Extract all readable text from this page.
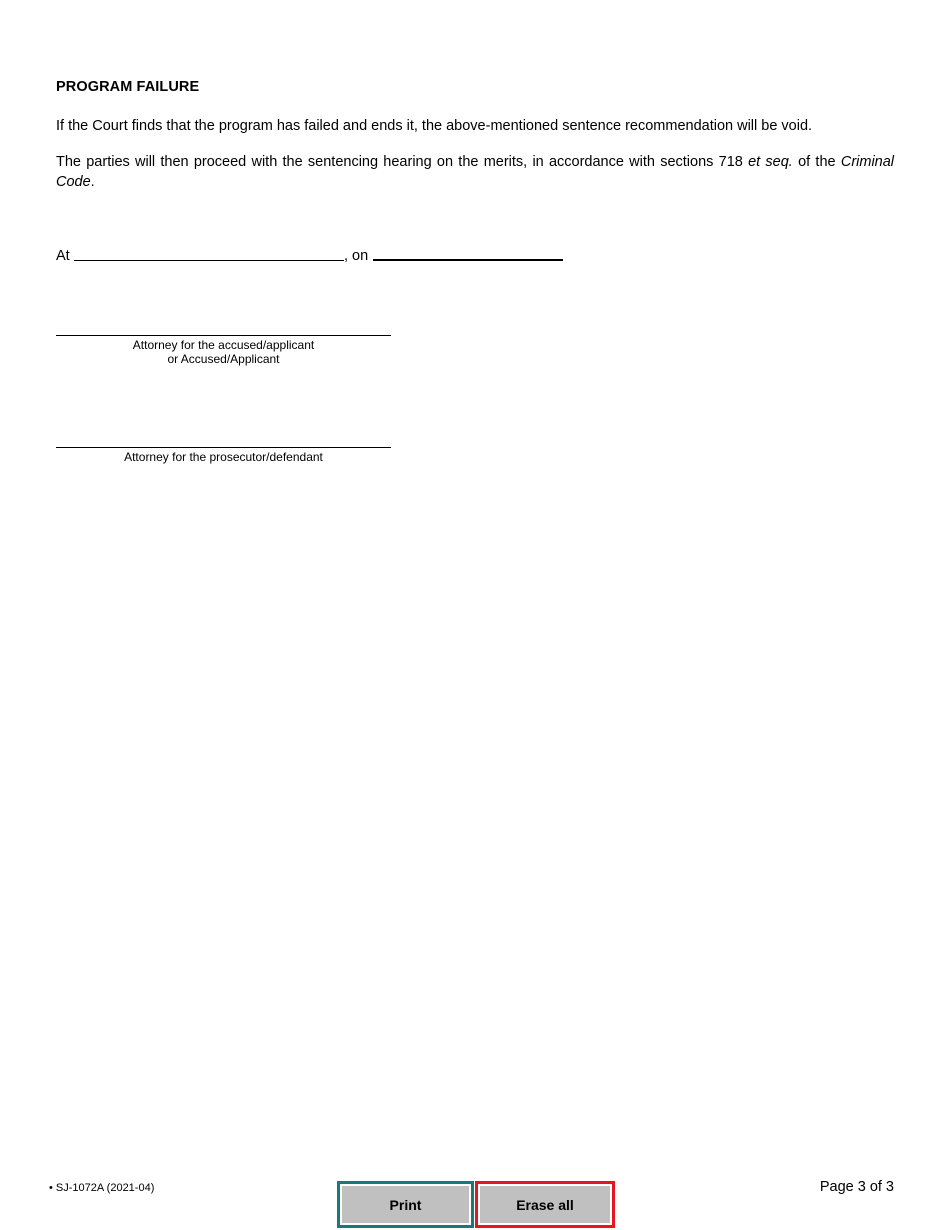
PROGRAM FAILURE
If the Court finds that the program has failed and ends it, the above-mentioned sentence recommendation will be void.
The parties will then proceed with the sentencing hearing on the merits, in accordance with sections 718 et seq. of the Criminal Code.
At	, on
Attorney for the accused/applicant
or Accused/Applicant
Attorney for the prosecutor/defendant
• SJ-1072A (2021-04)
Print	Erase all
Page 3 of 3
